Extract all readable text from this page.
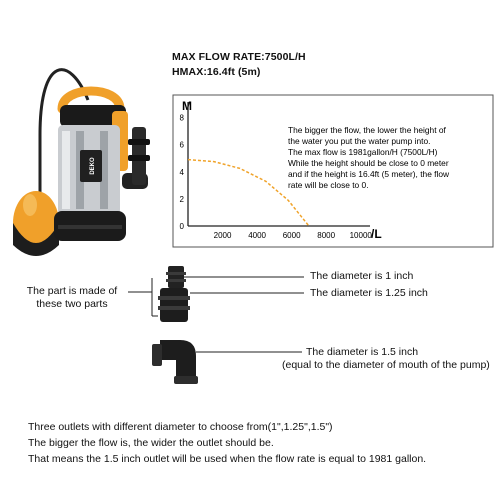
MAX FLOW RATE:7500L/H
HMAX:16.4ft (5m)
DEKO
M
/L
2000 4000 6000 8000 10000
0
2
4
6
8
The bigger the flow, the lower the height of
the water you put the water pump into.
The max flow is 1981gallon/H (7500L/H)
While the height should be close to 0 meter
and if the height is 16.4ft (5 meter), the flow
rate will be close to 0.
The part is made of
these two parts
The diameter is 1 inch
The diameter is 1.25 inch
The diameter is 1.5 inch
(equal to the diameter of mouth of the pump)
Three outlets with different diameter to choose from(1",1.25",1.5")
The bigger the flow is, the wider the outlet should be.
That means the 1.5 inch outlet will be used when the flow rate is equal to 1981 gallon.
